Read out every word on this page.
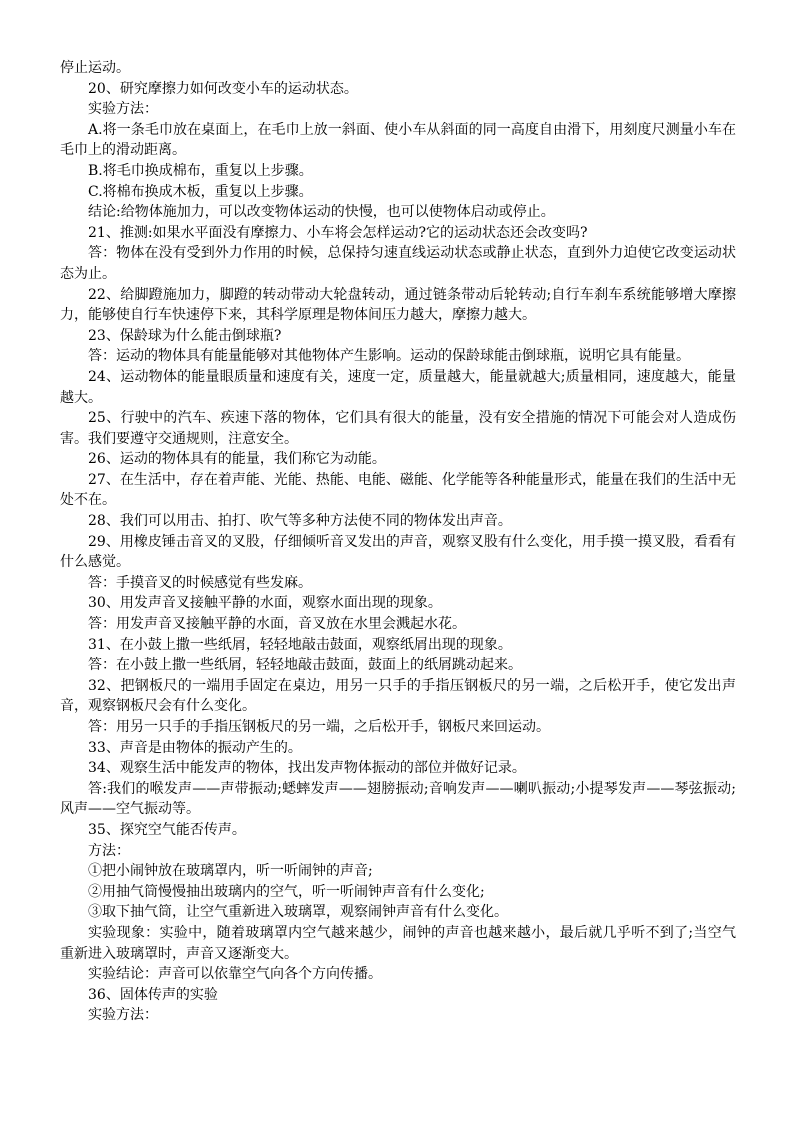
停止运动。

20、研究摩擦力如何改变小车的运动状态。

实验方法：

A.将一条毛巾放在桌面上，在毛巾上放一斜面、使小车从斜面的同一高度自由滑下，用刻度尺测量小车在毛巾上的滑动距离。

B.将毛巾换成棉布，重复以上步骤。

C.将棉布换成木板，重复以上步骤。

结论:给物体施加力，可以改变物体运动的快慢，也可以使物体启动或停止。

21、推测:如果水平面没有摩擦力、小车将会怎样运动?它的运动状态还会改变吗?

答：物体在没有受到外力作用的时候，总保持匀速直线运动状态或静止状态，直到外力迫使它改变运动状态为止。

22、给脚蹬施加力，脚蹬的转动带动大轮盘转动，通过链条带动后轮转动;自行车刹车系统能够增大摩擦力，能够使自行车快速停下来，其科学原理是物体间压力越大，摩擦力越大。

23、保龄球为什么能击倒球瓶?

答：运动的物体具有能量能够对其他物体产生影响。运动的保龄球能击倒球瓶，说明它具有能量。

24、运动物体的能量眼质量和速度有关，速度一定，质量越大，能量就越大;质量相同，速度越大，能量越大。

25、行驶中的汽车、疾速下落的物体，它们具有很大的能量，没有安全措施的情况下可能会对人造成伤害。我们要遵守交通规则，注意安全。

26、运动的物体具有的能量，我们称它为动能。

27、在生活中，存在着声能、光能、热能、电能、磁能、化学能等各种能量形式，能量在我们的生活中无处不在。

28、我们可以用击、拍打、吹气等多种方法使不同的物体发出声音。

29、用橡皮锤击音叉的叉股，仔细倾听音叉发出的声音，观察叉股有什么变化，用手摸一摸叉股，看看有什么感觉。

答：手摸音叉的时候感觉有些发麻。

30、用发声音叉接触平静的水面，观察水面出现的现象。

答：用发声音叉接触平静的水面，音叉放在水里会溅起水花。

31、在小鼓上撒一些纸屑，轻轻地敲击鼓面，观察纸屑出现的现象。

答：在小鼓上撒一些纸屑，轻轻地敲击鼓面，鼓面上的纸屑跳动起来。

32、把钢板尺的一端用手固定在桌边，用另一只手的手指压钢板尺的另一端，之后松开手，使它发出声音，观察钢板尺会有什么变化。

答：用另一只手的手指压钢板尺的另一端，之后松开手，钢板尺来回运动。

33、声音是由物体的振动产生的。

34、观察生活中能发声的物体，找出发声物体振动的部位并做好记录。

答:我们的喉发声——声带振动;蟋蟀发声——翅膀振动;音响发声——喇叭振动;小提琴发声——琴弦振动;风声——空气振动等。

35、探究空气能否传声。

方法：

①把小闹钟放在玻璃罩内，听一听闹钟的声音;

②用抽气筒慢慢抽出玻璃内的空气，听一听闹钟声音有什么变化;

③取下抽气筒，让空气重新进入玻璃罩，观察闹钟声音有什么变化。

实验现象：实验中，随着玻璃罩内空气越来越少，闹钟的声音也越来越小，最后就几乎听不到了;当空气重新进入玻璃罩时，声音又逐渐变大。

实验结论：声音可以依靠空气向各个方向传播。

36、固体传声的实验

实验方法：
